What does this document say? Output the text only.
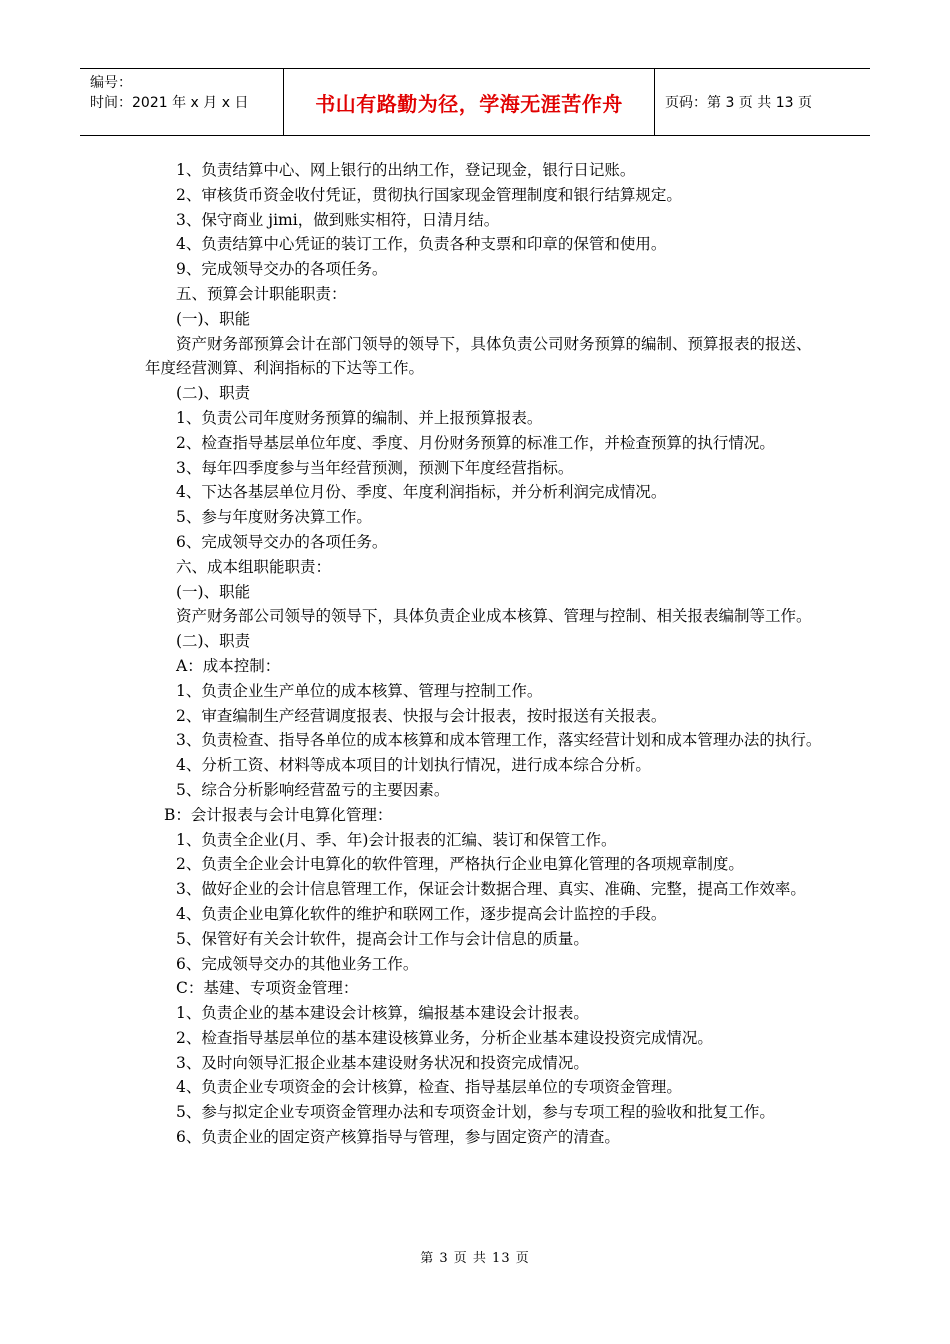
编号：
时间：2021 年 x 月 x 日	书山有路勤为径，学海无涯苦作舟	页码：第 3 页 共 13 页

1、负责结算中心、网上银行的出纳工作，登记现金，银行日记账。

2、审核货币资金收付凭证，贯彻执行国家现金管理制度和银行结算规定。

3、保守商业 jimi，做到账实相符，日清月结。

4、负责结算中心凭证的装订工作，负责各种支票和印章的保管和使用。

9、完成领导交办的各项任务。

五、预算会计职能职责：

(一)、职能

资产财务部预算会计在部门领导的领导下，具体负责公司财务预算的编制、预算报表的报送、年度经营测算、利润指标的下达等工作。

(二)、职责

1、负责公司年度财务预算的编制、并上报预算报表。

2、检查指导基层单位年度、季度、月份财务预算的标准工作，并检查预算的执行情况。

3、每年四季度参与当年经营预测，预测下年度经营指标。

4、下达各基层单位月份、季度、年度利润指标，并分析利润完成情况。

5、参与年度财务决算工作。

6、完成领导交办的各项任务。

六、成本组职能职责：

(一)、职能

资产财务部公司领导的领导下，具体负责企业成本核算、管理与控制、相关报表编制等工作。

(二)、职责

A：成本控制：

1、负责企业生产单位的成本核算、管理与控制工作。

2、审查编制生产经营调度报表、快报与会计报表，按时报送有关报表。

3、负责检查、指导各单位的成本核算和成本管理工作，落实经营计划和成本管理办法的执行。

4、分析工资、材料等成本项目的计划执行情况，进行成本综合分析。

5、综合分析影响经营盈亏的主要因素。

B：会计报表与会计电算化管理：

1、负责全企业(月、季、年)会计报表的汇编、装订和保管工作。

2、负责全企业会计电算化的软件管理，严格执行企业电算化管理的各项规章制度。

3、做好企业的会计信息管理工作，保证会计数据合理、真实、准确、完整，提高工作效率。

4、负责企业电算化软件的维护和联网工作，逐步提高会计监控的手段。

5、保管好有关会计软件，提高会计工作与会计信息的质量。

6、完成领导交办的其他业务工作。

C：基建、专项资金管理：

1、负责企业的基本建设会计核算，编报基本建设会计报表。

2、检查指导基层单位的基本建设核算业务，分析企业基本建设投资完成情况。

3、及时向领导汇报企业基本建设财务状况和投资完成情况。

4、负责企业专项资金的会计核算，检查、指导基层单位的专项资金管理。

5、参与拟定企业专项资金管理办法和专项资金计划，参与专项工程的验收和批复工作。

6、负责企业的固定资产核算指导与管理，参与固定资产的清查。

第 3 页 共 13 页
